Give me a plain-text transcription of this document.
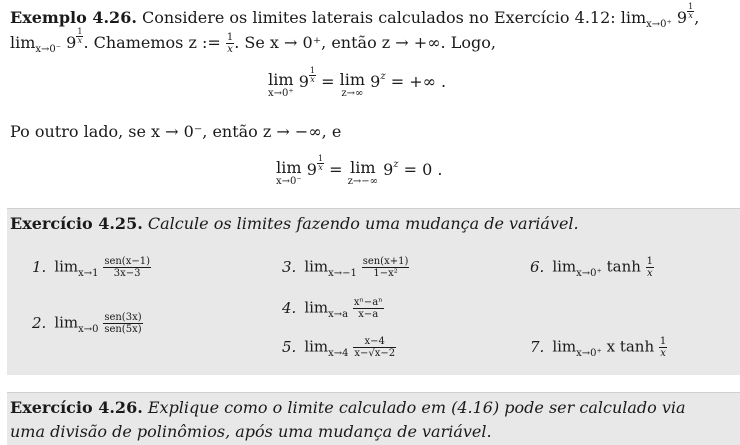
Exemplo 4.26. Considere os limites laterais calculados no Exercício 4.12: $\lim_{x\to 0^+} 9 \frac{1}{x}$ ,
$\lim_{x\to 0^-} 9 \frac{1}{x}$ . Chamemos z := $\frac{1}{x}$ . Se x → 0⁺, então z → +∞. Logo,
lim
x→0⁺
$9 \frac{1}{x} = \lim$
z→∞
$9^z$ = +∞ .
Po outro lado, se x → 0⁻, então z → −∞, e
lim
x→0⁻
$9 \frac{1}{x} = \lim$
z→−∞
$9^z = 0$ .
Exercício 4.25. Calcule os limites fazendo uma mudança de variável.
1. $\lim_{x\to 1} \frac{\text{sen(x−1)}}{3x-3}$	3. $\lim_{x\to-1} \frac{\text{sen(x+1)}}{\text{1−x²}}$	6. $\lim_{x\to 0^+} \tanh \frac{1}{x}$
4. $\lim_{x\to a} \frac{\text{xⁿ−aⁿ}}{x-a}$
2. $\lim_{x\to 0} \frac{\text{sen(3x)}}{\text{sen(5x)}}$
5. $\lim_{x\to 4} \frac{x-4}{x-√x-2}$	7. $\lim_{x\to 0^+} x$ $\tanh \frac{1}{x}$
Exercício 4.26. Explique como o limite calculado em (4.16) pode ser calculado via
uma divisão de polinômios, após uma mudança de variável.
